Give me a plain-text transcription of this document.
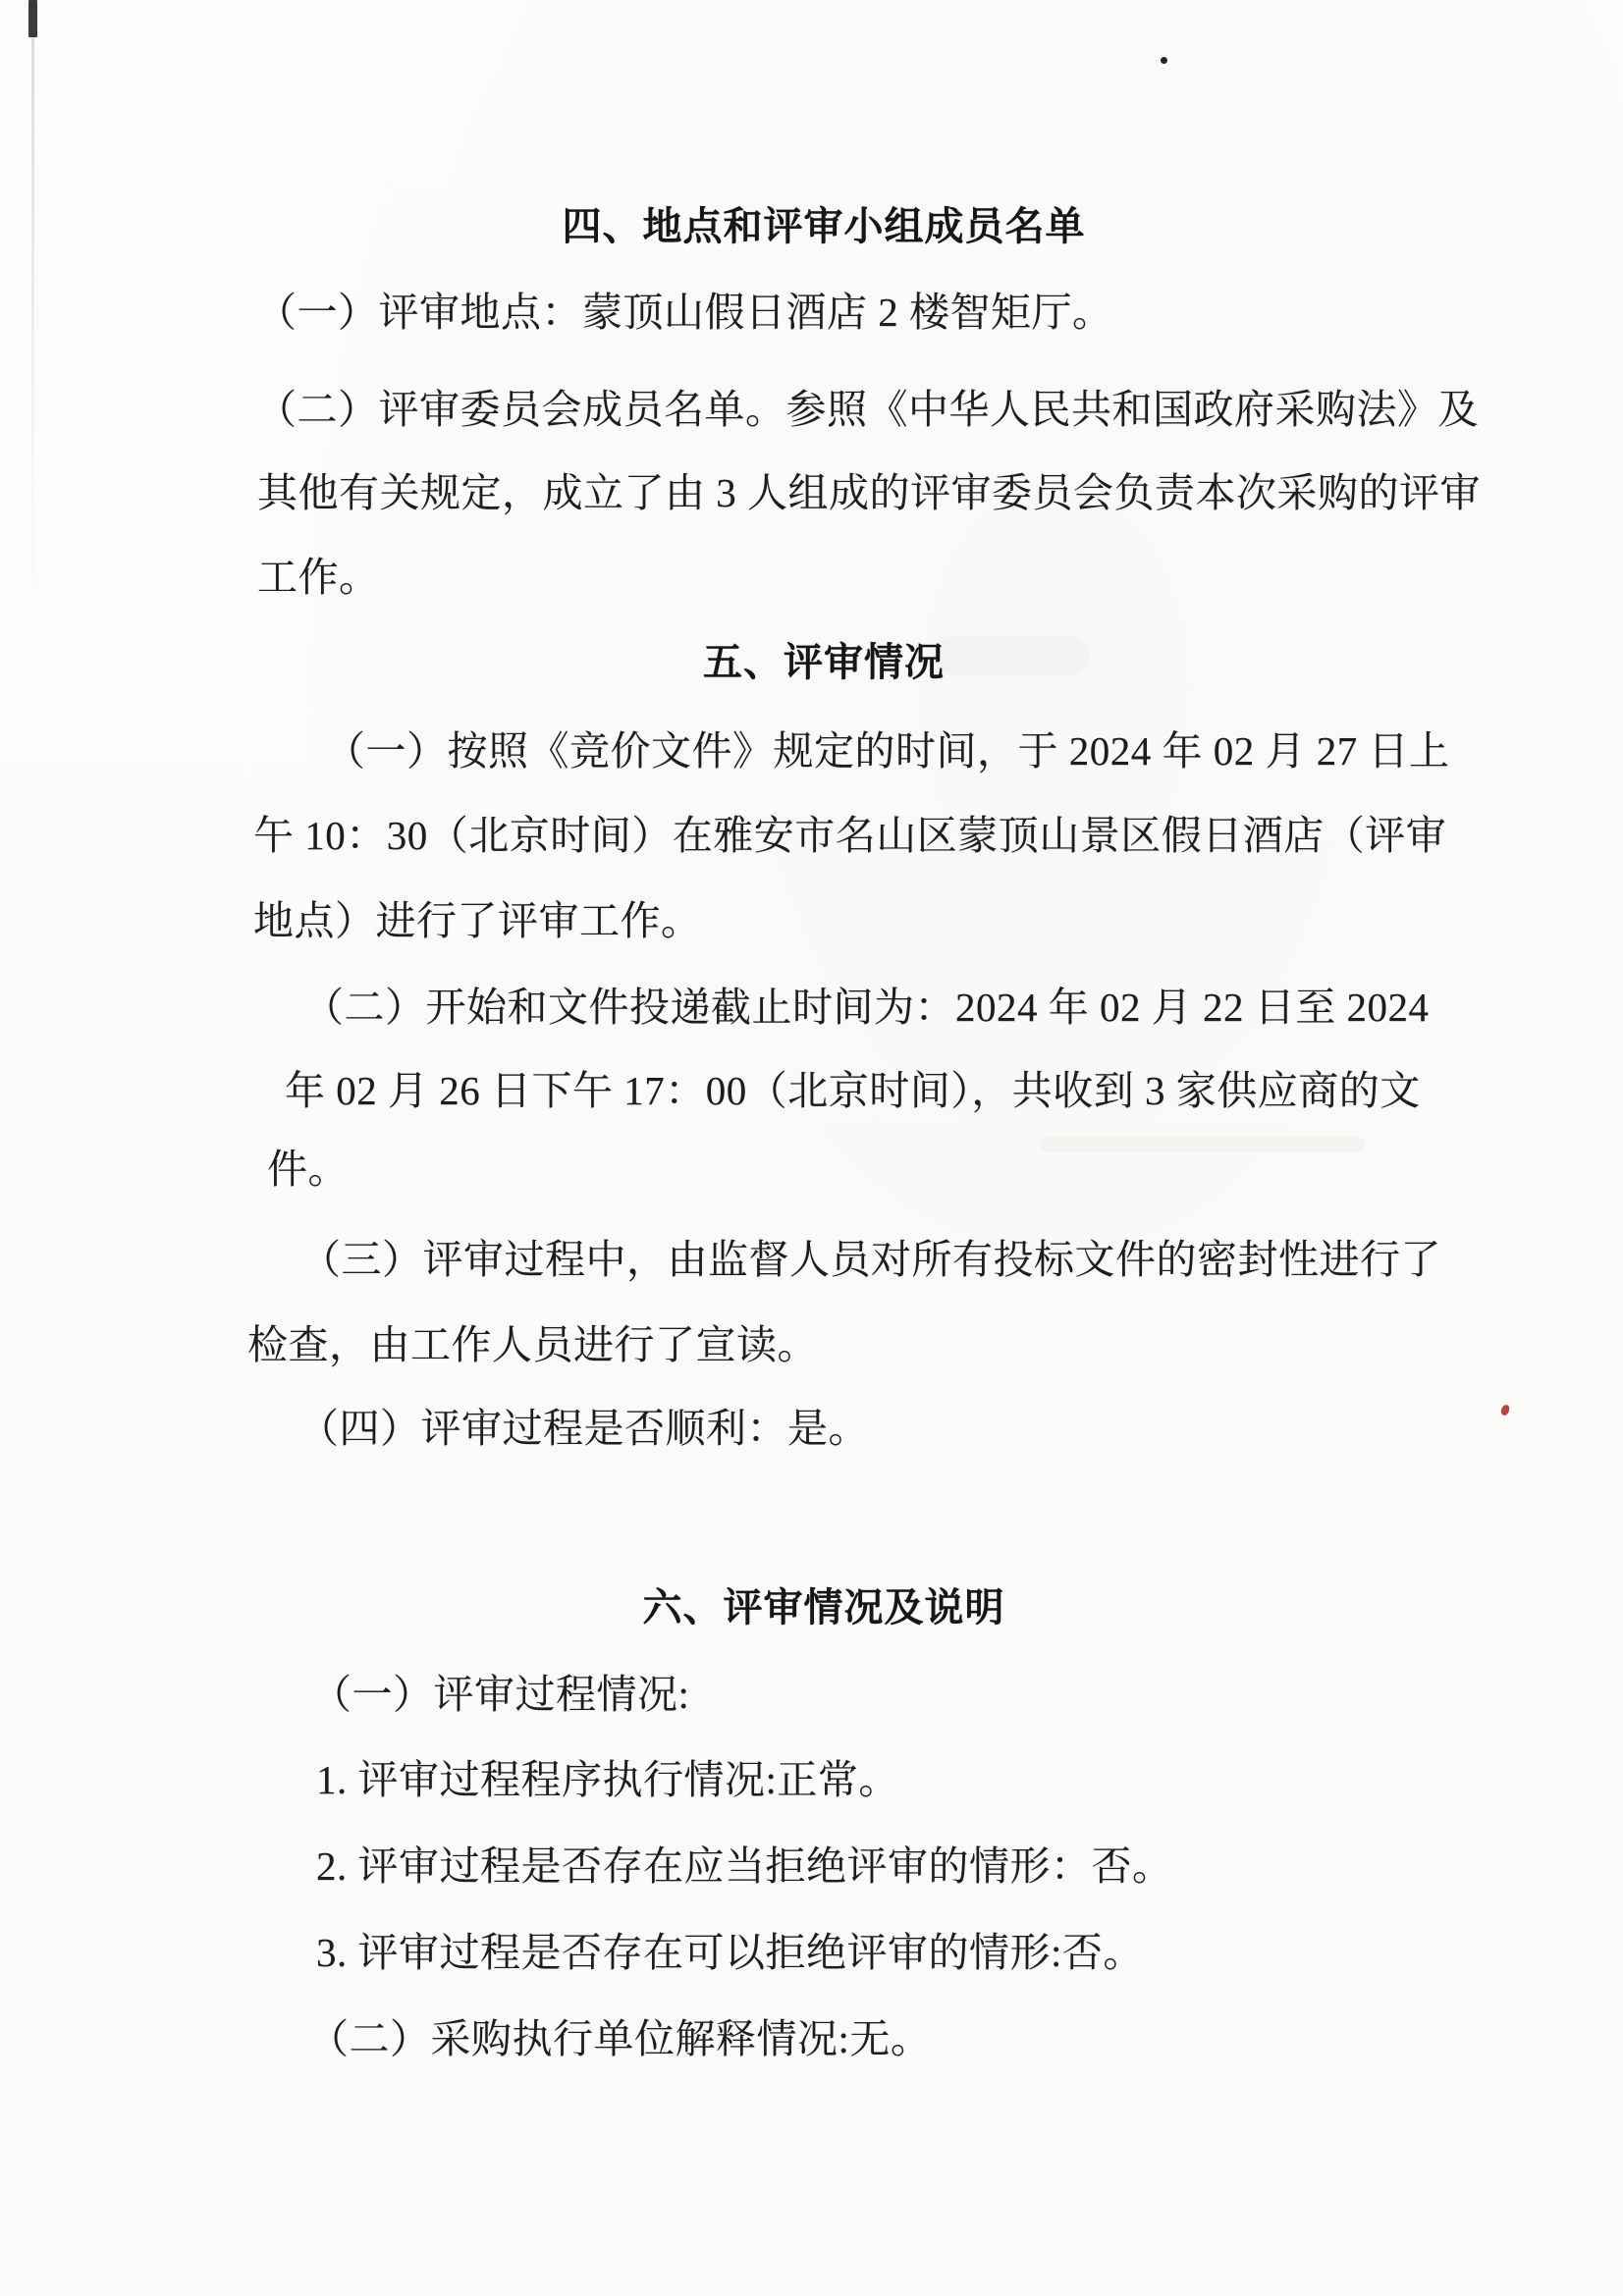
四、地点和评审小组成员名单
（一）评审地点：蒙顶山假日酒店 2 楼智矩厅。
（二）评审委员会成员名单。参照《中华人民共和国政府采购法》及
其他有关规定，成立了由 3 人组成的评审委员会负责本次采购的评审
工作。
五、评审情况
（一）按照《竞价文件》规定的时间，于 2024 年 02 月 27 日上
午 10：30（北京时间）在雅安市名山区蒙顶山景区假日酒店（评审
地点）进行了评审工作。
（二）开始和文件投递截止时间为：2024 年 02 月 22 日至 2024
年 02 月 26 日下午 17：00（北京时间），共收到 3 家供应商的文
件。
（三）评审过程中，由监督人员对所有投标文件的密封性进行了
检查，由工作人员进行了宣读。
（四）评审过程是否顺利：是。
六、评审情况及说明
（一）评审过程情况:
1. 评审过程程序执行情况:正常。
2. 评审过程是否存在应当拒绝评审的情形：否。
3. 评审过程是否存在可以拒绝评审的情形:否。
（二）采购执行单位解释情况:无。
